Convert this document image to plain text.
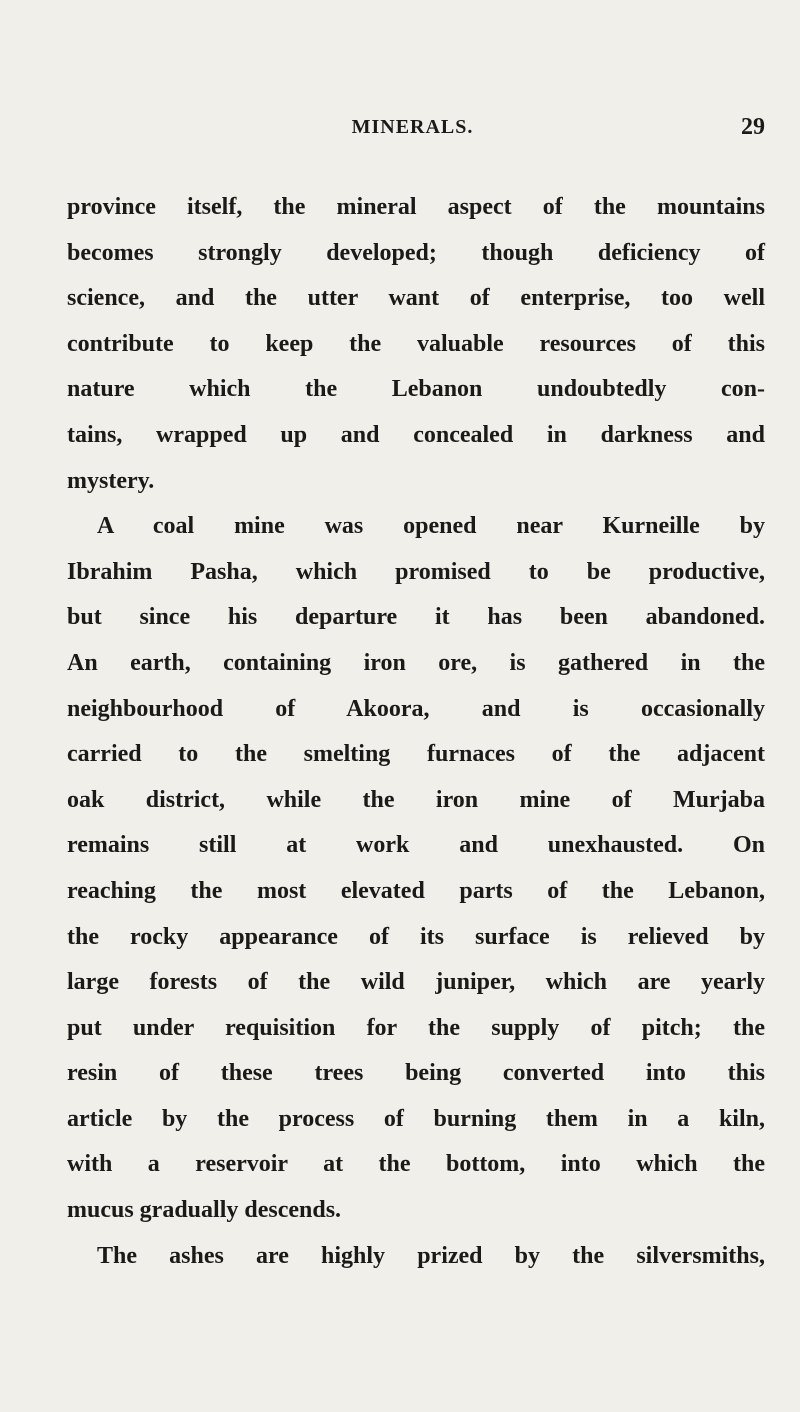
MINERALS.	29
province itself, the mineral aspect of the mountains
becomes strongly developed; though deficiency of
science, and the utter want of enterprise, too well
contribute to keep the valuable resources of this
nature which the Lebanon undoubtedly con-
tains, wrapped up and concealed in darkness and
mystery.
A coal mine was opened near Kurneille by
Ibrahim Pasha, which promised to be productive,
but since his departure it has been abandoned.
An earth, containing iron ore, is gathered in the
neighbourhood of Akoora, and is occasionally
carried to the smelting furnaces of the adjacent
oak district, while the iron mine of Murjaba
remains still at work and unexhausted. On
reaching the most elevated parts of the Lebanon,
the rocky appearance of its surface is relieved by
large forests of the wild juniper, which are yearly
put under requisition for the supply of pitch; the
resin of these trees being converted into this
article by the process of burning them in a kiln,
with a reservoir at the bottom, into which the
mucus gradually descends.
The ashes are highly prized by the silversmiths,
